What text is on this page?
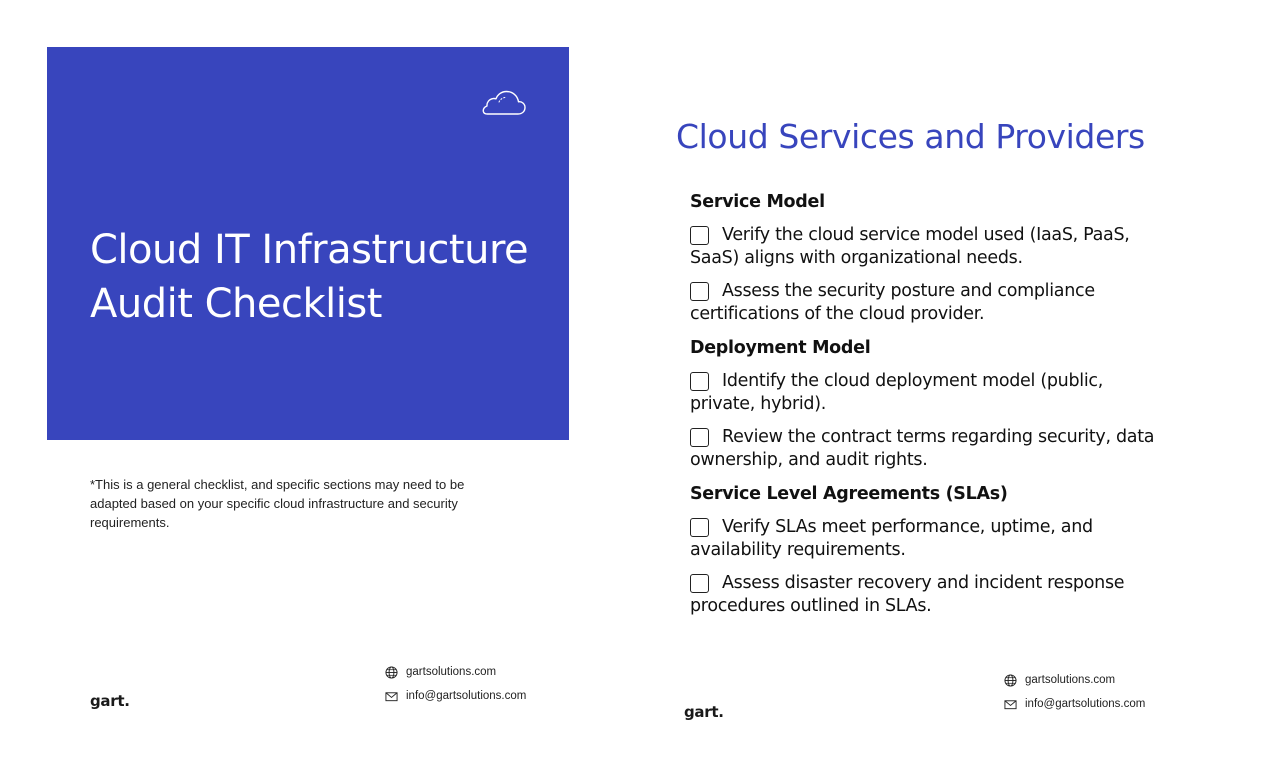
Cloud IT Infrastructure
Audit Checklist

*This is a general checklist, and specific sections may need to be adapted based on your specific cloud infrastructure and security requirements.

gart.
gartsolutions.com
info@gartsolutions.com
Cloud Services and Providers
Service Model
Verify the cloud service model used (IaaS, PaaS, SaaS) aligns with organizational needs.
Assess the security posture and compliance certifications of the cloud provider.
Deployment Model
Identify the cloud deployment model (public, private, hybrid).
Review the contract terms regarding security, data ownership, and audit rights.
Service Level Agreements (SLAs)
Verify SLAs meet performance, uptime, and availability requirements.
Assess disaster recovery and incident response procedures outlined in SLAs.
gart.
gartsolutions.com
info@gartsolutions.com
